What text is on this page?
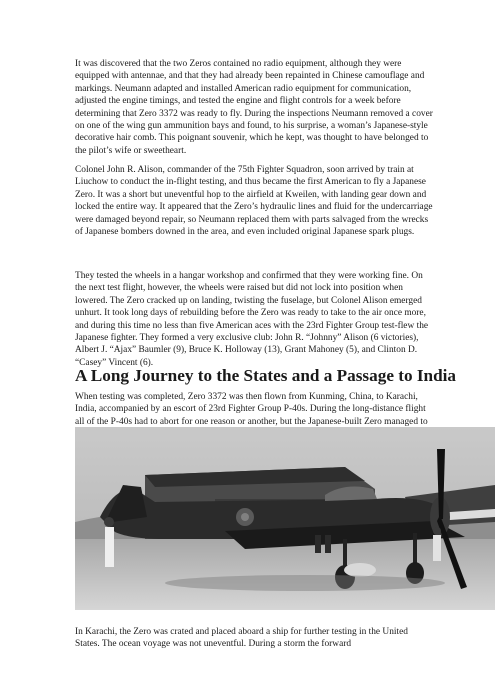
It was discovered that the two Zeros contained no radio equipment, although they were equipped with antennae, and that they had already been repainted in Chinese camouflage and markings. Neumann adapted and installed American radio equipment for communication, adjusted the engine timings, and tested the engine and flight controls for a week before determining that Zero 3372 was ready to fly. During the inspections Neumann removed a cover on one of the wing gun ammunition bays and found, to his surprise, a woman’s Japanese-style decorative hair comb. This poignant souvenir, which he kept, was thought to have belonged to the pilot’s wife or sweetheart.

Colonel John R. Alison, commander of the 75th Fighter Squadron, soon arrived by train at Liuchow to conduct the in-flight testing, and thus became the first American to fly a Japanese Zero. It was a short but uneventful hop to the airfield at Kweilen, with landing gear down and locked the entire way. It appeared that the Zero’s hydraulic lines and fluid for the undercarriage were damaged beyond repair, so Neumann replaced them with parts salvaged from the wrecks of Japanese bombers downed in the area, and even included original Japanese spark plugs.

They tested the wheels in a hangar workshop and confirmed that they were working fine. On the next test flight, however, the wheels were raised but did not lock into position when lowered. The Zero cracked up on landing, twisting the fuselage, but Colonel Alison emerged unhurt. It took long days of rebuilding before the Zero was ready to take to the air once more, and during this time no less than five American aces with the 23rd Fighter Group test-flew the Japanese fighter. They formed a very exclusive club: John R. “Johnny” Alison (6 victories), Albert J. “Ajax” Baumler (9), Bruce K. Holloway (13), Grant Mahoney (5), and Clinton D. “Casey” Vincent (6).

A Long Journey to the States and a Passage to India

When testing was completed, Zero 3372 was then flown from Kunming, China, to Karachi, India, accompanied by an escort of 23rd Fighter Group P-40s. During the long-distance flight all of the P-40s had to abort for one reason or another, but the Japanese-built Zero managed to

In Karachi, the Zero was crated and placed aboard a ship for further testing in the United States. The ocean voyage was not uneventful. During a storm the forward
